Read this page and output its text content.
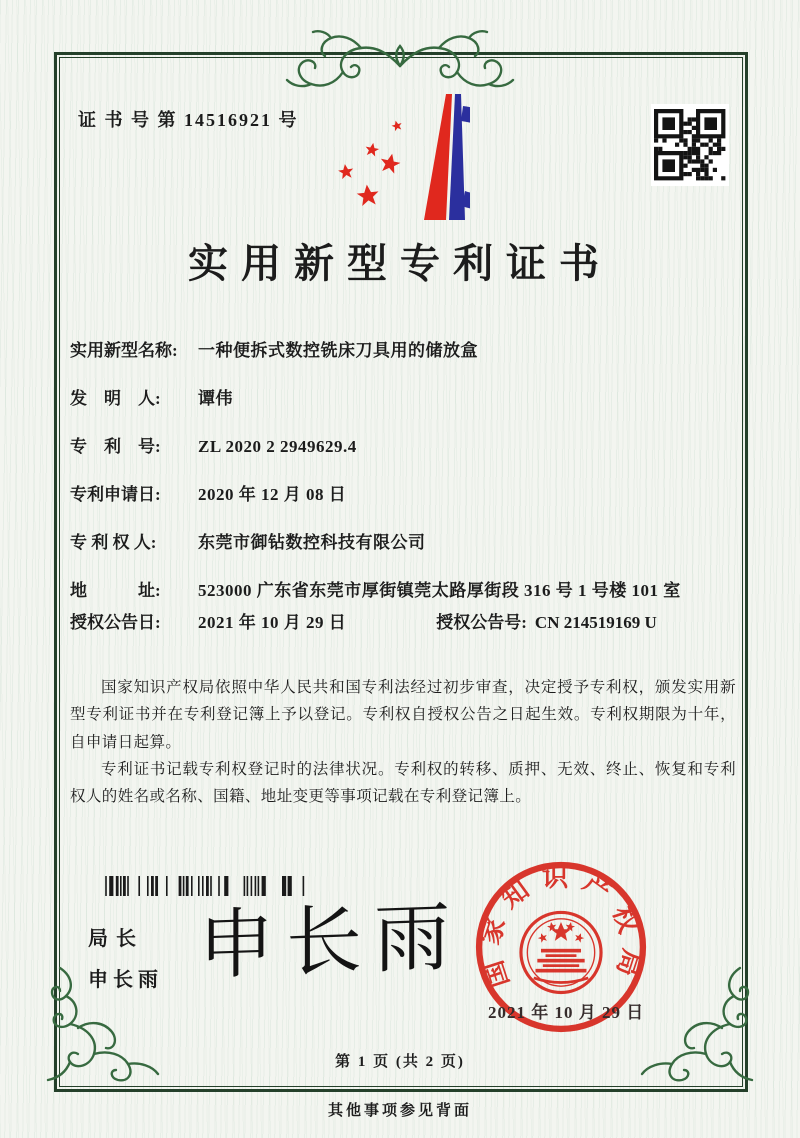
证 书 号 第 14516921 号
实用新型专利证书
实用新型名称:	一种便拆式数控铣床刀具用的储放盒
发　明　人:	谭伟
专　利　号:	ZL 2020 2 2949629.4
专利申请日:	2020 年 12 月 08 日
专 利 权 人:	东莞市御钻数控科技有限公司
地　　　址:	523000 广东省东莞市厚街镇莞太路厚街段 316 号 1 号楼 101 室
授权公告日:	2021 年 10 月 29 日	授权公告号: CN 214519169 U

国家知识产权局依照中华人民共和国专利法经过初步审查，决定授予专利权，颁发实用新型专利证书并在专利登记簿上予以登记。专利权自授权公告之日起生效。专利权期限为十年，自申请日起算。

专利证书记载专利权登记时的法律状况。专利权的转移、质押、无效、终止、恢复和专利权人的姓名或名称、国籍、地址变更等事项记载在专利登记簿上。

局长
申长雨 申长雨 国家知识产权局
2021 年 10 月 29 日
第 1 页 (共 2 页)
其他事项参见背面
